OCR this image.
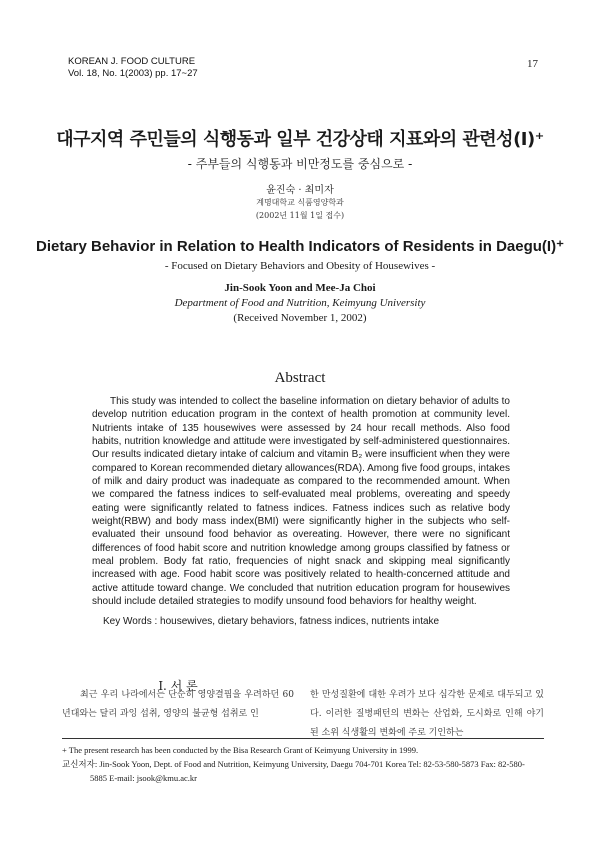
KOREAN J. FOOD CULTURE
Vol. 18, No. 1(2003) pp. 17~27
17
대구지역 주민들의 식행동과 일부 건강상태 지표와의 관련성(I)⁺
- 주부들의 식행동과 비만정도를 중심으로 -
윤진숙 · 최미자
계명대학교 식품영양학과
(2002년 11월 1일 접수)
Dietary Behavior in Relation to Health Indicators of Residents in Daegu(I)⁺
- Focused on Dietary Behaviors and Obesity of Housewives -
Jin-Sook Yoon and Mee-Ja Choi
Department of Food and Nutrition, Keimyung University
(Received November 1, 2002)
Abstract

This study was intended to collect the baseline information on dietary behavior of adults to develop nutrition education program in the context of health promotion at community level. Nutrients intake of 135 housewives were assessed by 24 hour recall methods. Also food habits, nutrition knowledge and attitude were investigated by self-administered questionnaires. Our results indicated dietary intake of calcium and vitamin B₂ were insufficient when they were compared to Korean recommended dietary allowances(RDA). Among five food groups, intakes of milk and dairy product was inadequate as compared to the recommended amount. When we compared the fatness indices to self-evaluated meal problems, overeating and speedy eating were significantly related to fatness indices. Fatness indices such as relative body weight(RBW) and body mass index(BMI) were significantly higher in the subjects who self-evaluated their unsound food behavior as overeating. However, there were no significant differences of food habit score and nutrition knowledge among groups classified by fatness or meal problem. Body fat ratio, frequencies of night snack and skipping meal significantly increased with age. Food habit score was positively related to health-concerned attitude and active attitude toward change. We concluded that nutrition education program for housewives should include detailed strategies to modify unsound food behaviors for healthy weight.

Key Words : housewives, dietary behaviors, fatness indices, nutrients intake
I. 서 론

최근 우리 나라에서는 단순히 영양결핍을 우려하던 60년대와는 달리 과잉 섭취, 영양의 불균형 섭취로 인

한 만성질환에 대한 우려가 보다 심각한 문제로 대두되고 있다. 이러한 질병패턴의 변화는 산업화, 도시화로 인해 야기된 소위 식생활의 변화에 주로 기인하는

+ The present research has been conducted by the Bisa Research Grant of Keimyung University in 1999.
교신저자: Jin-Sook Yoon, Dept. of Food and Nutrition, Keimyung University, Daegu 704-701 Korea Tel: 82-53-580-5873 Fax: 82-580-
5885 E-mail: jsook@kmu.ac.kr
